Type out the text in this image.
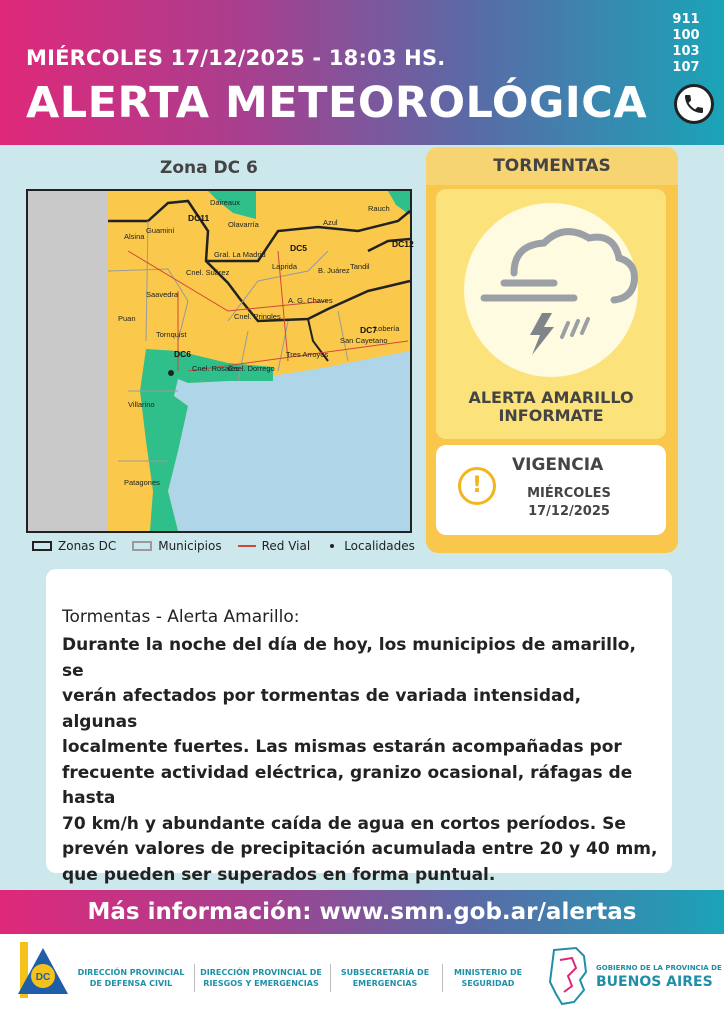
MIÉRCOLES 17/12/2025 - 18:03 HS.
ALERTA METEOROLÓGICA
911
100
103
107
Zona DC 6
Alsina
Guaminí
Daireaux
Olavarría	Azul
Rauch
Gral. La Madrid
Laprida	Tandil
B. Juárez
Cnel. Suárez
Saavedra
A. G. Chaves
Puan	Cnel. Pringles
Tornquist
San Cayetano
Lobería
Tres Arroyos
Cnel. Rosales
Cnel. Dorrego
Villarino
Patagones
DC11
DC5	DC12
DC6
DC7
Zonas DC	Municipios	Red Vial	Localidades
TORMENTAS
ALERTA AMARILLO
INFORMATE
!
VIGENCIA
MIÉRCOLES
17/12/2025
Tormentas - Alerta Amarillo:
Durante la noche del día de hoy, los municipios de amarillo, se
verán afectados por tormentas de variada intensidad, algunas
localmente fuertes. Las mismas estarán acompañadas por
frecuente actividad eléctrica, granizo ocasional, ráfagas de hasta
70 km/h y abundante caída de agua en cortos períodos. Se
prevén valores de precipitación acumulada entre 20 y 40 mm,
que pueden ser superados en forma puntual.
Más información: www.smn.gob.ar/alertas
DC	DIRECCIÓN PROVINCIAL
DE DEFENSA CIVIL
DIRECCIÓN PROVINCIAL DE
RIESGOS Y EMERGENCIAS
SUBSECRETARÍA DE
EMERGENCIAS
MINISTERIO DE
SEGURIDAD
GOBIERNO DE LA PROVINCIA DE
BUENOS AIRES
